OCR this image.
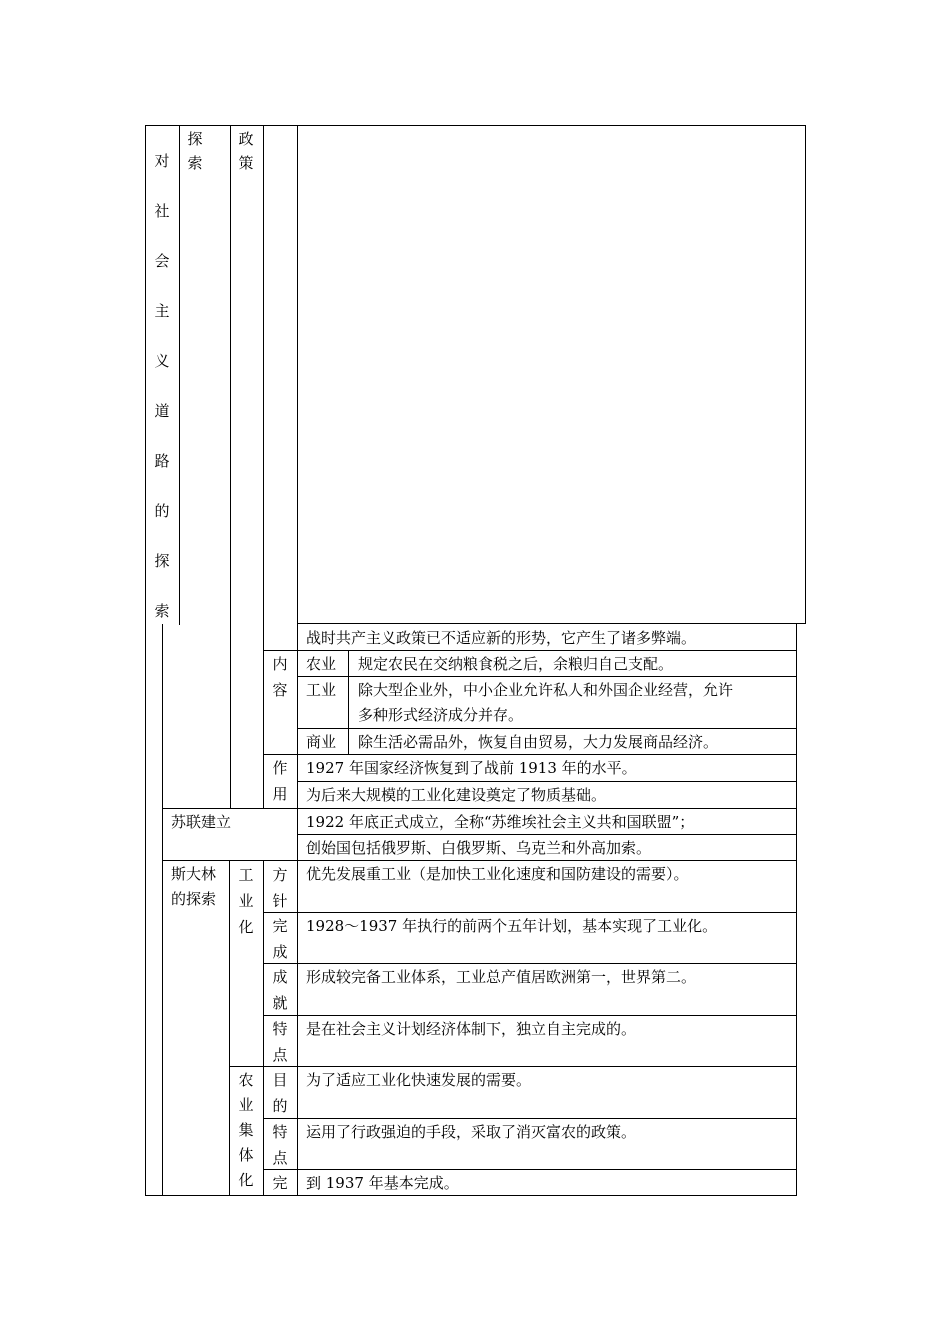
对
社
会
主
义
道
路
的
探
索
探
索
政
策
战时共产主义政策已不适应新的形势，它产生了诸多弊端。
内
容
农业 规定农民在交纳粮食税之后，余粮归自己支配。
工业 除大型企业外，中小企业允许私人和外国企业经营，允许
多种形式经济成分并存。
商业 除生活必需品外，恢复自由贸易，大力发展商品经济。
作
用
1927 年国家经济恢复到了战前 1913 年的水平。
为后来大规模的工业化建设奠定了物质基础。
苏联建立	1922 年底正式成立，全称“苏维埃社会主义共和国联盟”；
创始国包括俄罗斯、白俄罗斯、乌克兰和外高加索。
斯大林
的探索
工
业
化
方
针
优先发展重工业（是加快工业化速度和国防建设的需要）。
完
成
1928～1937 年执行的前两个五年计划，基本实现了工业化。
成
就
形成较完备工业体系，工业总产值居欧洲第一，世界第二。
特
点
是在社会主义计划经济体制下，独立自主完成的。
农
业
集
体
化
目
的
为了适应工业化快速发展的需要。
特
点
运用了行政强迫的手段，采取了消灭富农的政策。
完 到 1937 年基本完成。
